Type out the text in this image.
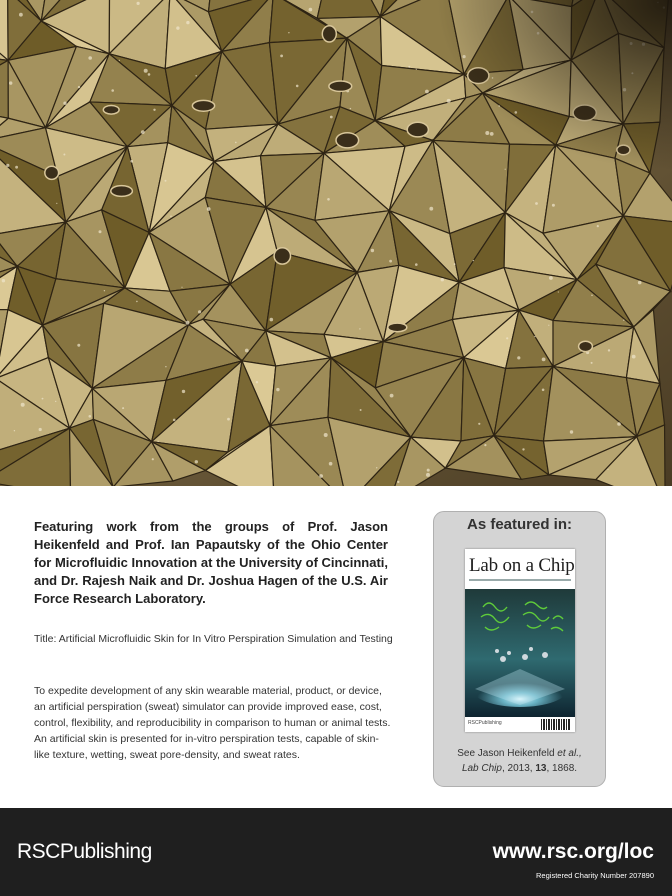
Featuring work from the groups of Prof. Jason Heikenfeld and Prof. Ian Papautsky of the Ohio Center for Microfluidic Innovation at the University of Cincinnati, and Dr. Rajesh Naik and Dr. Joshua Hagen of the U.S. Air Force Research Laboratory.

Title: Artificial Microfluidic Skin for In Vitro Perspiration Simulation and Testing

To expedite development of any skin wearable material, product, or device, an artificial perspiration (sweat) simulator can provide improved ease, cost, control, flexibility, and reproducibility in comparison to human or animal tests. An artificial skin is presented for in-vitro perspiration tests, capable of skin-like texture, wetting, sweat pore-density, and sweat rates.

As featured in:
Lab on a Chip
RSCPublishing
See Jason Heikenfeld et al.,
Lab Chip, 2013, 13, 1868.
RSCPublishing	www.rsc.org/loc
Registered Charity Number 207890
